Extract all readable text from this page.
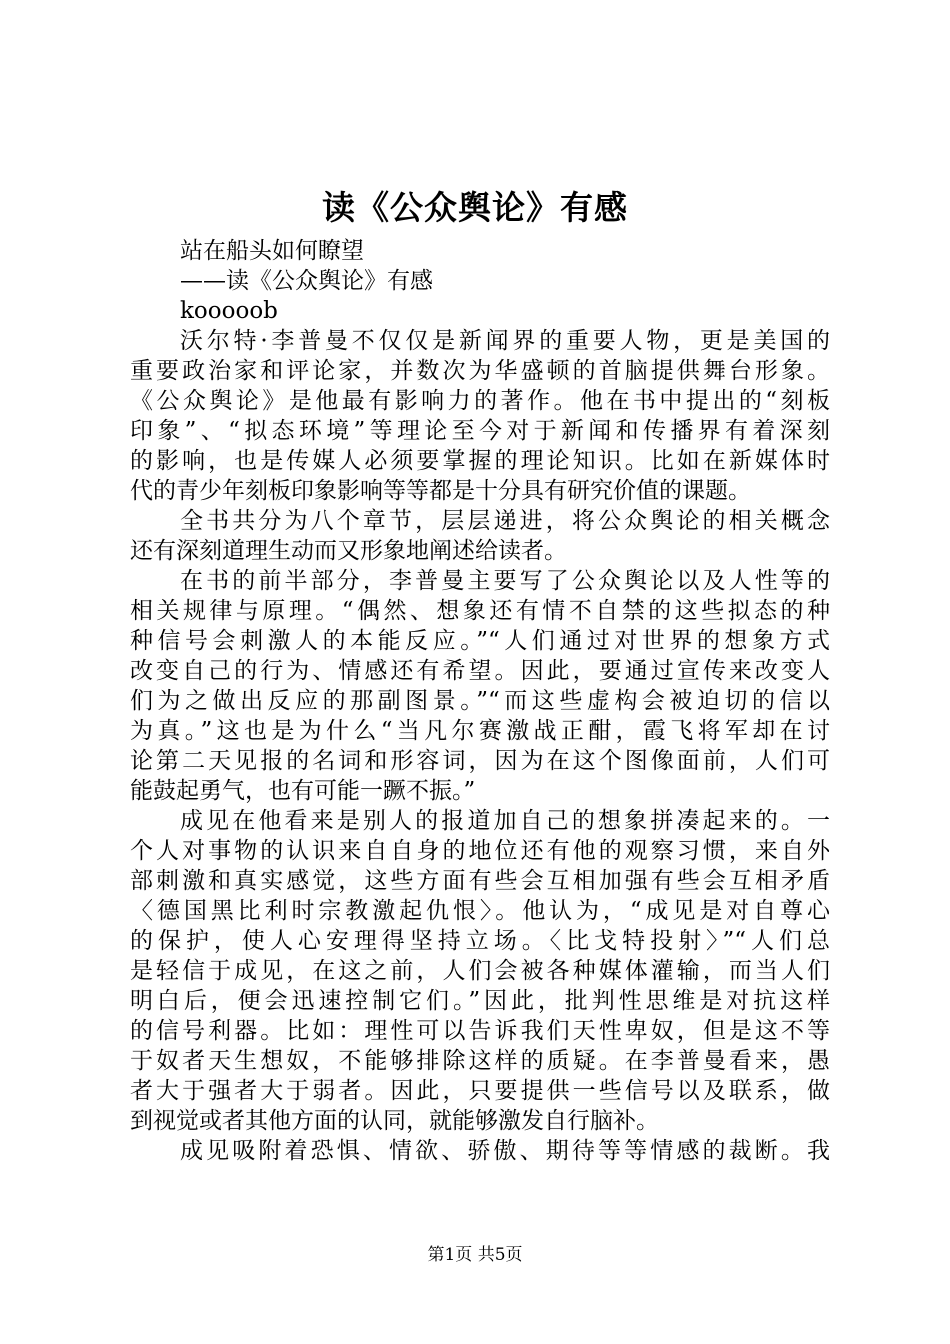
读《公众舆论》有感
站在船头如何瞭望
——读《公众舆论》有感
kooooob
沃尔特·李普曼不仅仅是新闻界的重要人物，更是美国的
重要政治家和评论家，并数次为华盛顿的首脑提供舞台形象。
《公众舆论》是他最有影响力的著作。他在书中提出的“刻板
印象”、“拟态环境”等理论至今对于新闻和传播界有着深刻
的影响，也是传媒人必须要掌握的理论知识。比如在新媒体时
代的青少年刻板印象影响等等都是十分具有研究价值的课题。
全书共分为八个章节，层层递进，将公众舆论的相关概念
还有深刻道理生动而又形象地阐述给读者。
在书的前半部分，李普曼主要写了公众舆论以及人性等的
相关规律与原理。“偶然、想象还有情不自禁的这些拟态的种
种信号会刺激人的本能反应。”“人们通过对世界的想象方式
改变自己的行为、情感还有希望。因此，要通过宣传来改变人
们为之做出反应的那副图景。”“而这些虚构会被迫切的信以
为真。”这也是为什么“当凡尔赛激战正酣，霞飞将军却在讨
论第二天见报的名词和形容词，因为在这个图像面前，人们可
能鼓起勇气，也有可能一蹶不振。”
成见在他看来是别人的报道加自己的想象拼凑起来的。一
个人对事物的认识来自自身的地位还有他的观察习惯，来自外
部刺激和真实感觉，这些方面有些会互相加强有些会互相矛盾
〈德国黑比利时宗教激起仇恨〉。他认为，“成见是对自尊心
的保护，使人心安理得坚持立场。〈比戈特投射〉”“人们总
是轻信于成见，在这之前，人们会被各种媒体灌输，而当人们
明白后，便会迅速控制它们。”因此，批判性思维是对抗这样
的信号利器。比如：理性可以告诉我们天性卑奴，但是这不等
于奴者天生想奴，不能够排除这样的质疑。在李普曼看来，愚
者大于强者大于弱者。因此，只要提供一些信号以及联系，做
到视觉或者其他方面的认同，就能够激发自行脑补。
成见吸附着恐惧、情欲、骄傲、期待等等情感的裁断。我
第1页 共5页
